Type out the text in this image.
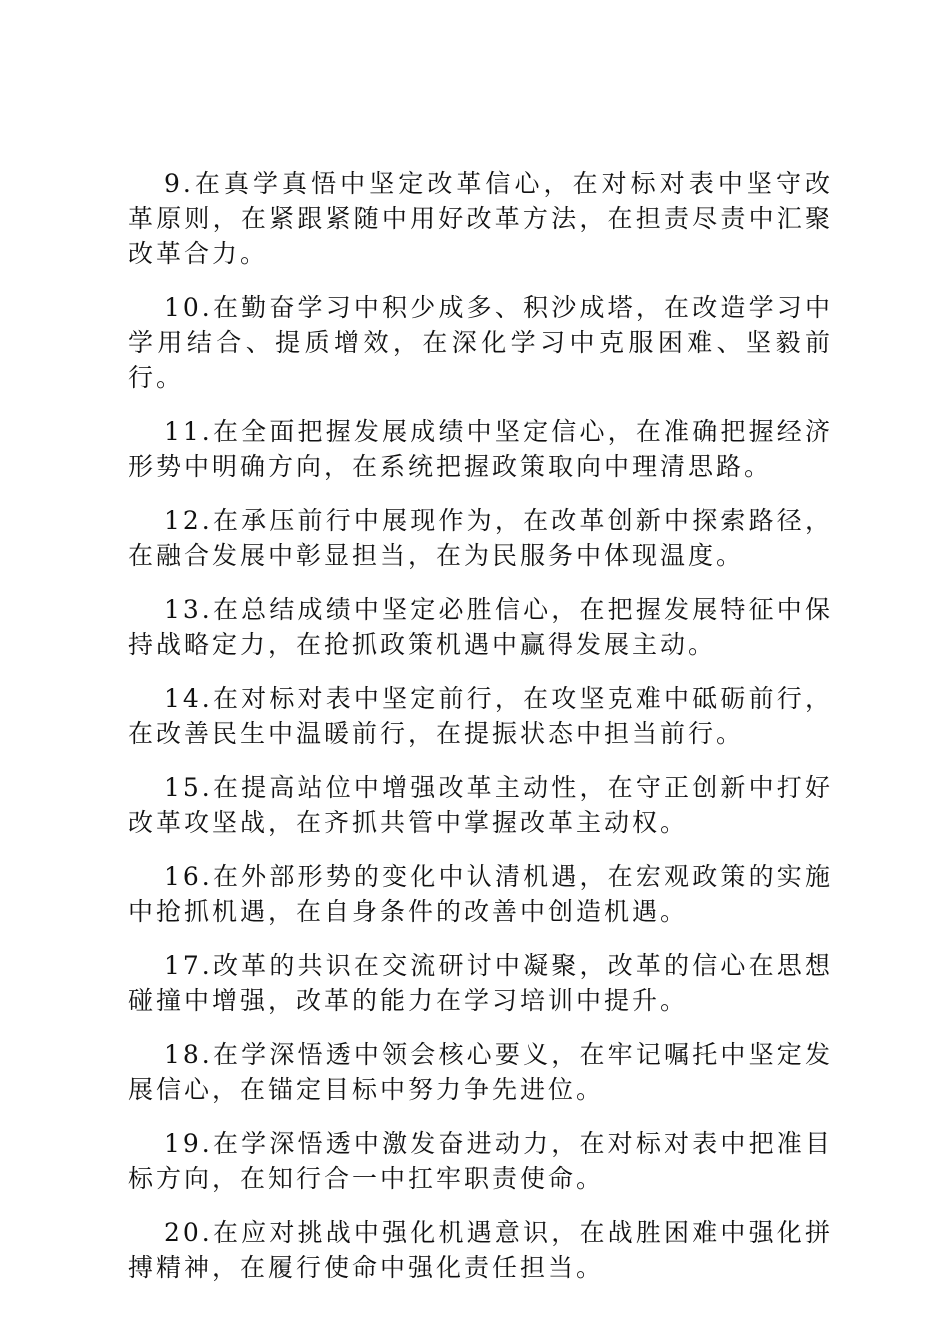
9.在真学真悟中坚定改革信心，在对标对表中坚守改革原则，在紧跟紧随中用好改革方法，在担责尽责中汇聚改革合力。

10.在勤奋学习中积少成多、积沙成塔，在改造学习中学用结合、提质增效，在深化学习中克服困难、坚毅前行。

11.在全面把握发展成绩中坚定信心，在准确把握经济形势中明确方向，在系统把握政策取向中理清思路。

12.在承压前行中展现作为，在改革创新中探索路径，在融合发展中彰显担当，在为民服务中体现温度。

13.在总结成绩中坚定必胜信心，在把握发展特征中保持战略定力，在抢抓政策机遇中赢得发展主动。

14.在对标对表中坚定前行，在攻坚克难中砥砺前行，在改善民生中温暖前行，在提振状态中担当前行。

15.在提高站位中增强改革主动性，在守正创新中打好改革攻坚战，在齐抓共管中掌握改革主动权。

16.在外部形势的变化中认清机遇，在宏观政策的实施中抢抓机遇，在自身条件的改善中创造机遇。

17.改革的共识在交流研讨中凝聚，改革的信心在思想碰撞中增强，改革的能力在学习培训中提升。

18.在学深悟透中领会核心要义，在牢记嘱托中坚定发展信心，在锚定目标中努力争先进位。

19.在学深悟透中激发奋进动力，在对标对表中把准目标方向，在知行合一中扛牢职责使命。

20.在应对挑战中强化机遇意识，在战胜困难中强化拼搏精神，在履行使命中强化责任担当。
